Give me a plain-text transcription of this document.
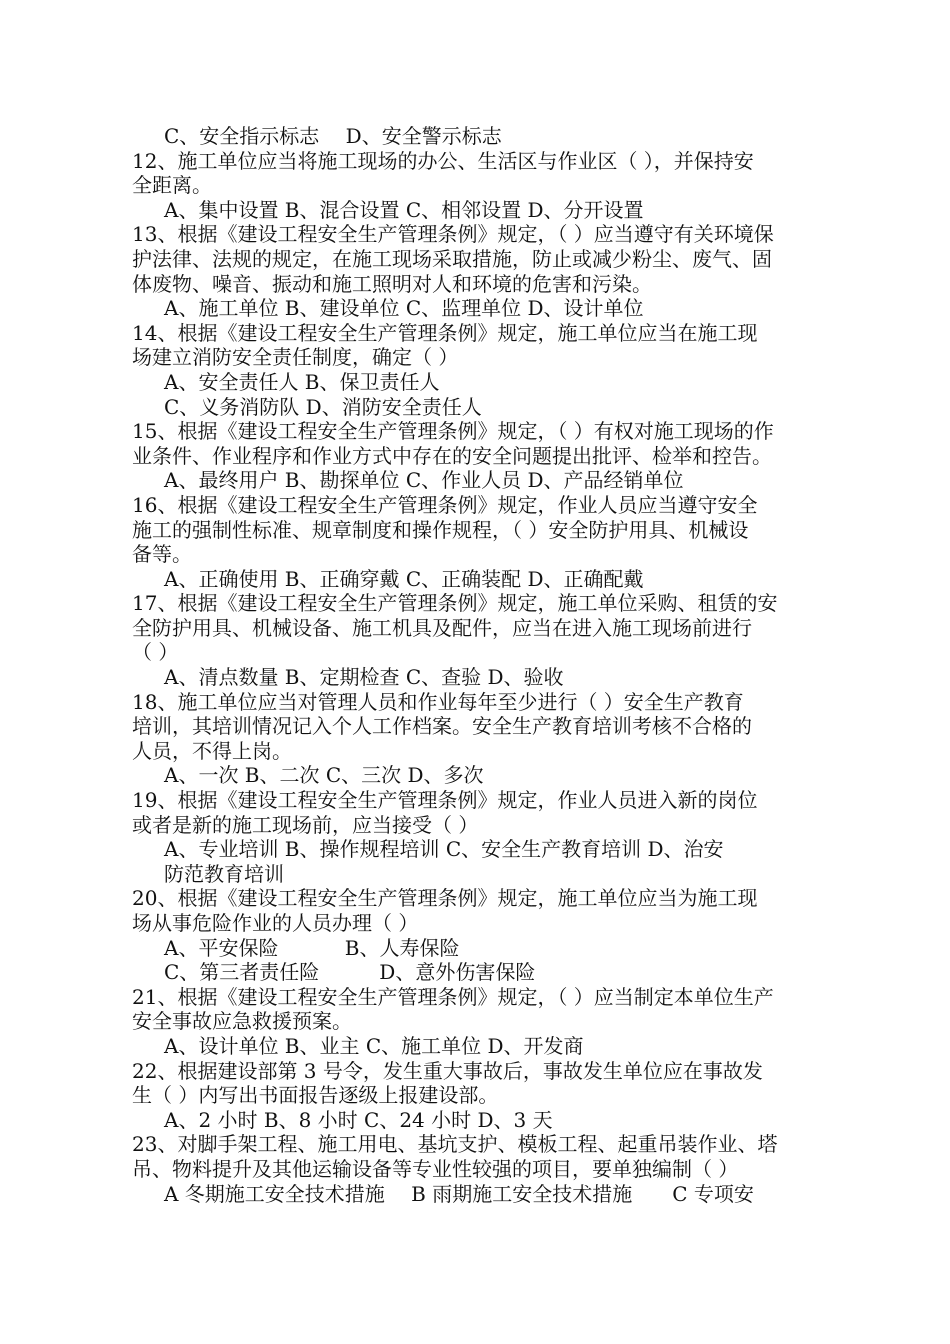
C、安全指示标志　 D、安全警示标志
12、施工单位应当将施工现场的办公、生活区与作业区（ ），并保持安
全距离。
A、集中设置 B、混合设置 C、相邻设置 D、分开设置
13、根据《建设工程安全生产管理条例》规定，（ ）应当遵守有关环境保
护法律、法规的规定，在施工现场采取措施，防止或减少粉尘、废气、固
体废物、噪音、振动和施工照明对人和环境的危害和污染。
A、施工单位 B、建设单位 C、监理单位 D、设计单位
14、根据《建设工程安全生产管理条例》规定，施工单位应当在施工现
场建立消防安全责任制度，确定（ ）
A、安全责任人 B、保卫责任人
C、义务消防队 D、消防安全责任人
15、根据《建设工程安全生产管理条例》规定，（ ）有权对施工现场的作
业条件、作业程序和作业方式中存在的安全问题提出批评、检举和控告。
A、最终用户 B、勘探单位 C、作业人员 D、产品经销单位
16、根据《建设工程安全生产管理条例》规定，作业人员应当遵守安全
施工的强制性标准、规章制度和操作规程，（ ）安全防护用具、机械设
备等。
A、正确使用 B、正确穿戴 C、正确装配 D、正确配戴
17、根据《建设工程安全生产管理条例》规定，施工单位采购、租赁的安
全防护用具、机械设备、施工机具及配件，应当在进入施工现场前进行
（ ）
A、清点数量 B、定期检查 C、查验 D、验收
18、施工单位应当对管理人员和作业每年至少进行（ ）安全生产教育
培训，其培训情况记入个人工作档案。安全生产教育培训考核不合格的
人员，不得上岗。
A、一次 B、二次 C、三次 D、多次
19、根据《建设工程安全生产管理条例》规定，作业人员进入新的岗位
或者是新的施工现场前，应当接受（ ）
A、专业培训 B、操作规程培训 C、安全生产教育培训 D、治安
防范教育培训
20、根据《建设工程安全生产管理条例》规定，施工单位应当为施工现
场从事危险作业的人员办理（ ）
A、平安保险　　　 B、人寿保险
C、第三者责任险　　　D、意外伤害保险
21、根据《建设工程安全生产管理条例》规定，（ ）应当制定本单位生产
安全事故应急救援预案。
A、设计单位 B、业主 C、施工单位 D、开发商
22、根据建设部第 3 号令，发生重大事故后，事故发生单位应在事故发
生（ ）内写出书面报告逐级上报建设部。
A、2 小时 B、8 小时 C、24 小时 D、3 天
23、对脚手架工程、施工用电、基坑支护、模板工程、起重吊装作业、塔
吊、物料提升及其他运输设备等专业性较强的项目，要单独编制（ ）
A 冬期施工安全技术措施　 B 雨期施工安全技术措施　　C 专项安
